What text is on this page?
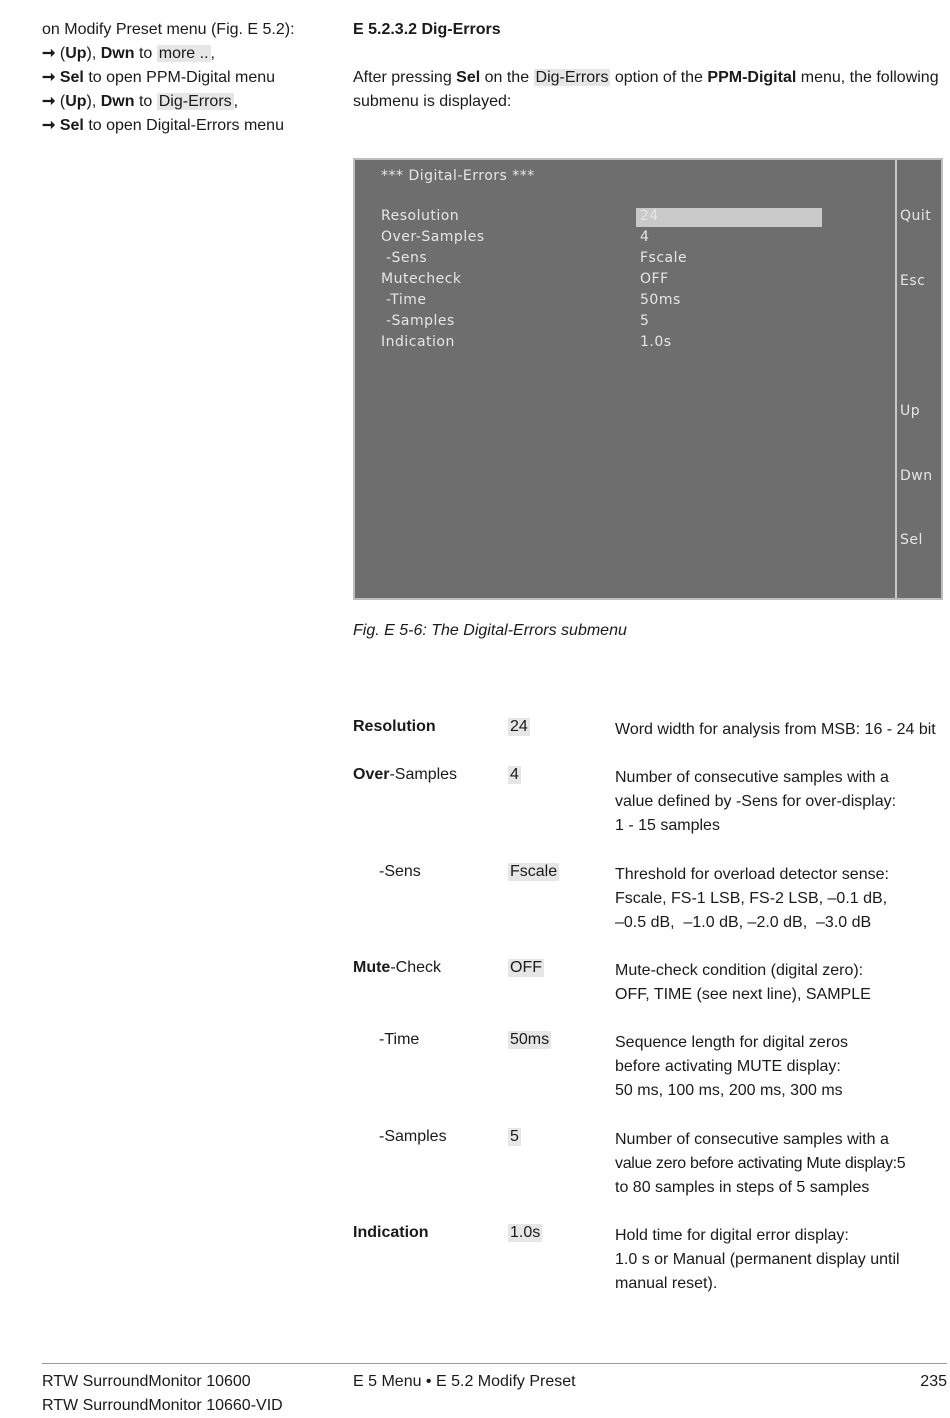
on Modify Preset menu (Fig. E 5.2):
➞ (Up), Dwn to more .. ,
➞ Sel to open PPM-Digital menu
➞ (Up), Dwn to Dig-Errors ,
➞ Sel to open Digital-Errors menu
E 5.2.3.2 Dig-Errors
After pressing Sel on the Dig-Errors option of the PPM-Digital menu, the following submenu is displayed:
*** Digital-Errors ***
Resolution	24
Over-Samples	4
-Sens	Fscale
Mutecheck	OFF
-Time	50ms
-Samples	5
Indication	1.0s
Quit
Esc
Up
Dwn
Sel
Fig. E 5-6: The Digital-Errors submenu
Resolution	24	Word width for analysis from MSB: 16 - 24 bit
Over-Samples	4	Number of consecutive samples with a
value defined by -Sens for over-display:
1 - 15 samples
-Sens	Fscale	Threshold for overload detector sense:
Fscale, FS-1 LSB, FS-2 LSB, –0.1 dB,
–0.5 dB,  –1.0 dB, –2.0 dB,  –3.0 dB
Mute-Check	OFF	Mute-check condition (digital zero):
OFF, TIME (see next line), SAMPLE
-Time	50ms	Sequence length for digital zeros
before activating MUTE display:
50 ms, 100 ms, 200 ms, 300 ms
-Samples	5	Number of consecutive samples with a
value zero before activating Mute display:5
to 80 samples in steps of 5 samples
Indication	1.0s	Hold time for digital error display:
1.0 s or Manual (permanent display until
manual reset).
RTW SurroundMonitor 10600
RTW SurroundMonitor 10660-VID
E 5 Menu • E 5.2 Modify Preset	235
